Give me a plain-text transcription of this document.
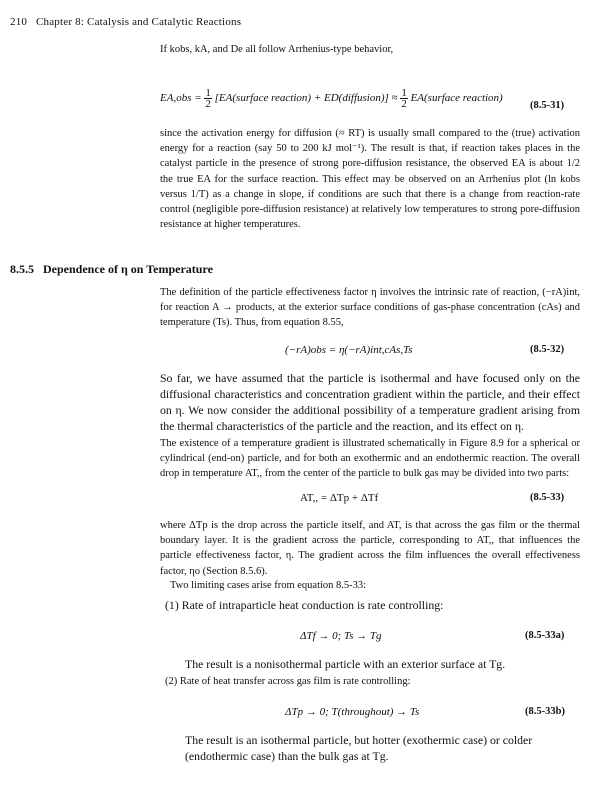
210 Chapter 8: Catalysis and Catalytic Reactions
If kobs, kA, and De all follow Arrhenius-type behavior,
$EA,obs = \frac{1}{2}$ [EA(surface reaction) + ED(diffusion)] ≈ $\frac{1}{2}$ EA(surface reaction)
(8.5-31)
since the activation energy for diffusion (≈ RT) is usually small compared to the (true) activation energy for a reaction (say 50 to 200 kJ mol⁻¹). The result is that, if reaction takes places in the catalyst particle in the presence of strong pore-diffusion resistance, the observed EA is about 1/2 the true EA for the surface reaction. This effect may be observed on an Arrhenius plot (ln kobs versus 1/T) as a change in slope, if conditions are such that there is a change from reaction-rate control (negligible pore-diffusion resistance) at relatively low temperatures to strong pore-diffusion resistance at higher temperatures.
8.5.5 Dependence of η on Temperature
The definition of the particle effectiveness factor η involves the intrinsic rate of reaction, (−rA)int, for reaction A → products, at the exterior surface conditions of gas-phase concentration (cAs) and temperature (Ts). Thus, from equation 8.55,
(−rA)obs = η(−rA)int,cAs,Ts	(8.5-32)
So far, we have assumed that the particle is isothermal and have focused only on the diffusional characteristics and concentration gradient within the particle, and their effect on η. We now consider the additional possibility of a temperature gradient arising from the thermal characteristics of the particle and the reaction, and its effect on η.
The existence of a temperature gradient is illustrated schematically in Figure 8.9 for a spherical or cylindrical (end-on) particle, and for both an exothermic and an endothermic reaction. The overall drop in temperature AT,, from the center of the particle to bulk gas may be divided into two parts:
AT,, = ΔTp + ΔTf	(8.5-33)
where ΔTp is the drop across the particle itself, and AT, is that across the gas film or the thermal boundary layer. It is the gradient across the particle, corresponding to AT,, that influences the particle effectiveness factor, η. The gradient across the film influences the overall effectiveness factor, ηo (Section 8.5.6).
Two limiting cases arise from equation 8.5-33:
(1) Rate of intraparticle heat conduction is rate controlling:
ΔTf → 0; Ts → Tg	(8.5-33a)
The result is a nonisothermal particle with an exterior surface at Tg.
(2) Rate of heat transfer across gas film is rate controlling:
ΔTp → 0; T(throughout) → Ts	(8.5-33b)
The result is an isothermal particle, but hotter (exothermic case) or colder (endothermic case) than the bulk gas at Tg.
